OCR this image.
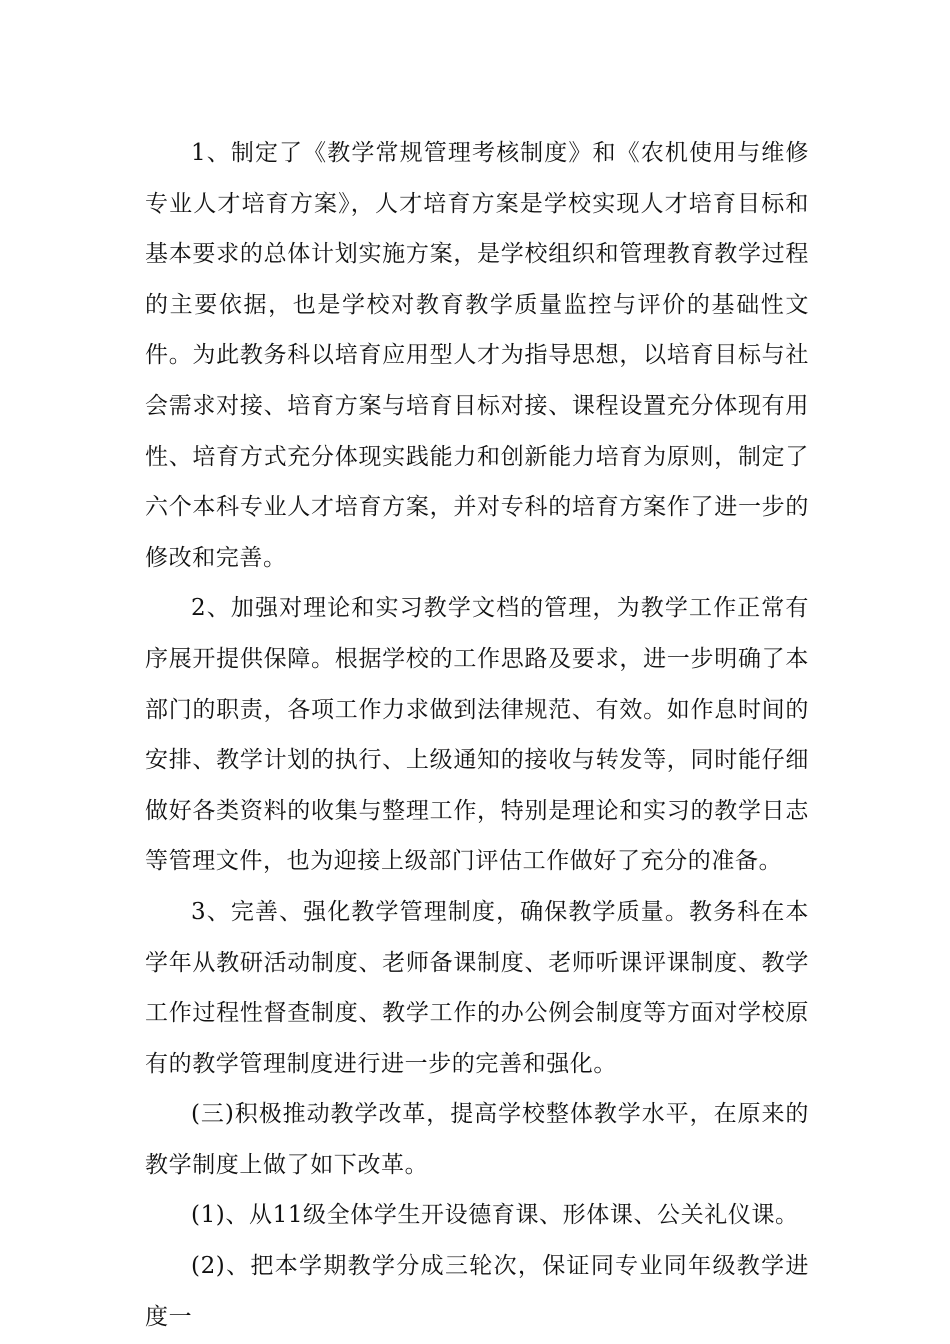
1、制定了《教学常规管理考核制度》和《农机使用与维修专业人才培育方案》，人才培育方案是学校实现人才培育目标和基本要求的总体计划实施方案，是学校组织和管理教育教学过程的主要依据，也是学校对教育教学质量监控与评价的基础性文件。为此教务科以培育应用型人才为指导思想，以培育目标与社会需求对接、培育方案与培育目标对接、课程设置充分体现有用性、培育方式充分体现实践能力和创新能力培育为原则，制定了六个本科专业人才培育方案，并对专科的培育方案作了进一步的修改和完善。

2、加强对理论和实习教学文档的管理，为教学工作正常有序展开提供保障。根据学校的工作思路及要求，进一步明确了本部门的职责，各项工作力求做到法律规范、有效。如作息时间的安排、教学计划的执行、上级通知的接收与转发等，同时能仔细做好各类资料的收集与整理工作，特别是理论和实习的教学日志等管理文件，也为迎接上级部门评估工作做好了充分的准备。

3、完善、强化教学管理制度，确保教学质量。教务科在本学年从教研活动制度、老师备课制度、老师听课评课制度、教学工作过程性督查制度、教学工作的办公例会制度等方面对学校原有的教学管理制度进行进一步的完善和强化。

(三)积极推动教学改革，提高学校整体教学水平，在原来的教学制度上做了如下改革。

(1)、从11级全体学生开设德育课、形体课、公关礼仪课。

(2)、把本学期教学分成三轮次，保证同专业同年级教学进度一
